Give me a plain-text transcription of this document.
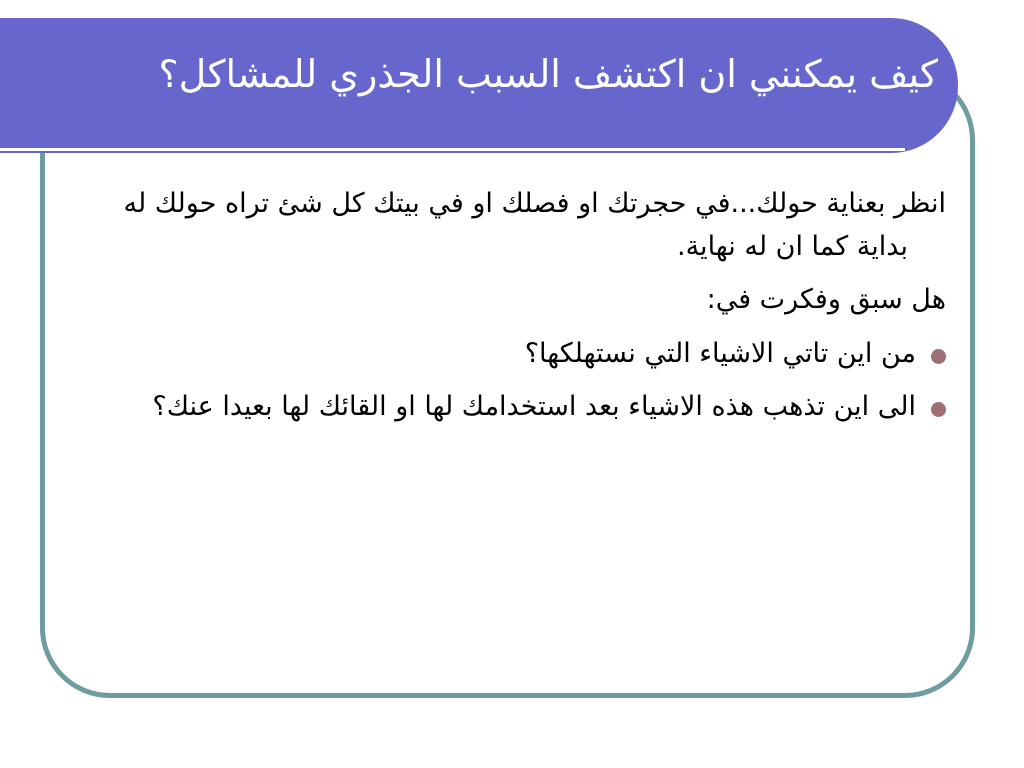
كيف يمكنني ان اكتشف السبب الجذري للمشاكل؟

انظر بعناية حولك...في حجرتك او فصلك او في بيتك كل شئ تراه حولك له بداية كما ان له نهاية.

هل سبق وفكرت في:

من اين تاتي الاشياء التي نستهلكها؟
الى اين تذهب هذه الاشياء بعد استخدامك لها او القائك لها بعيدا عنك؟
